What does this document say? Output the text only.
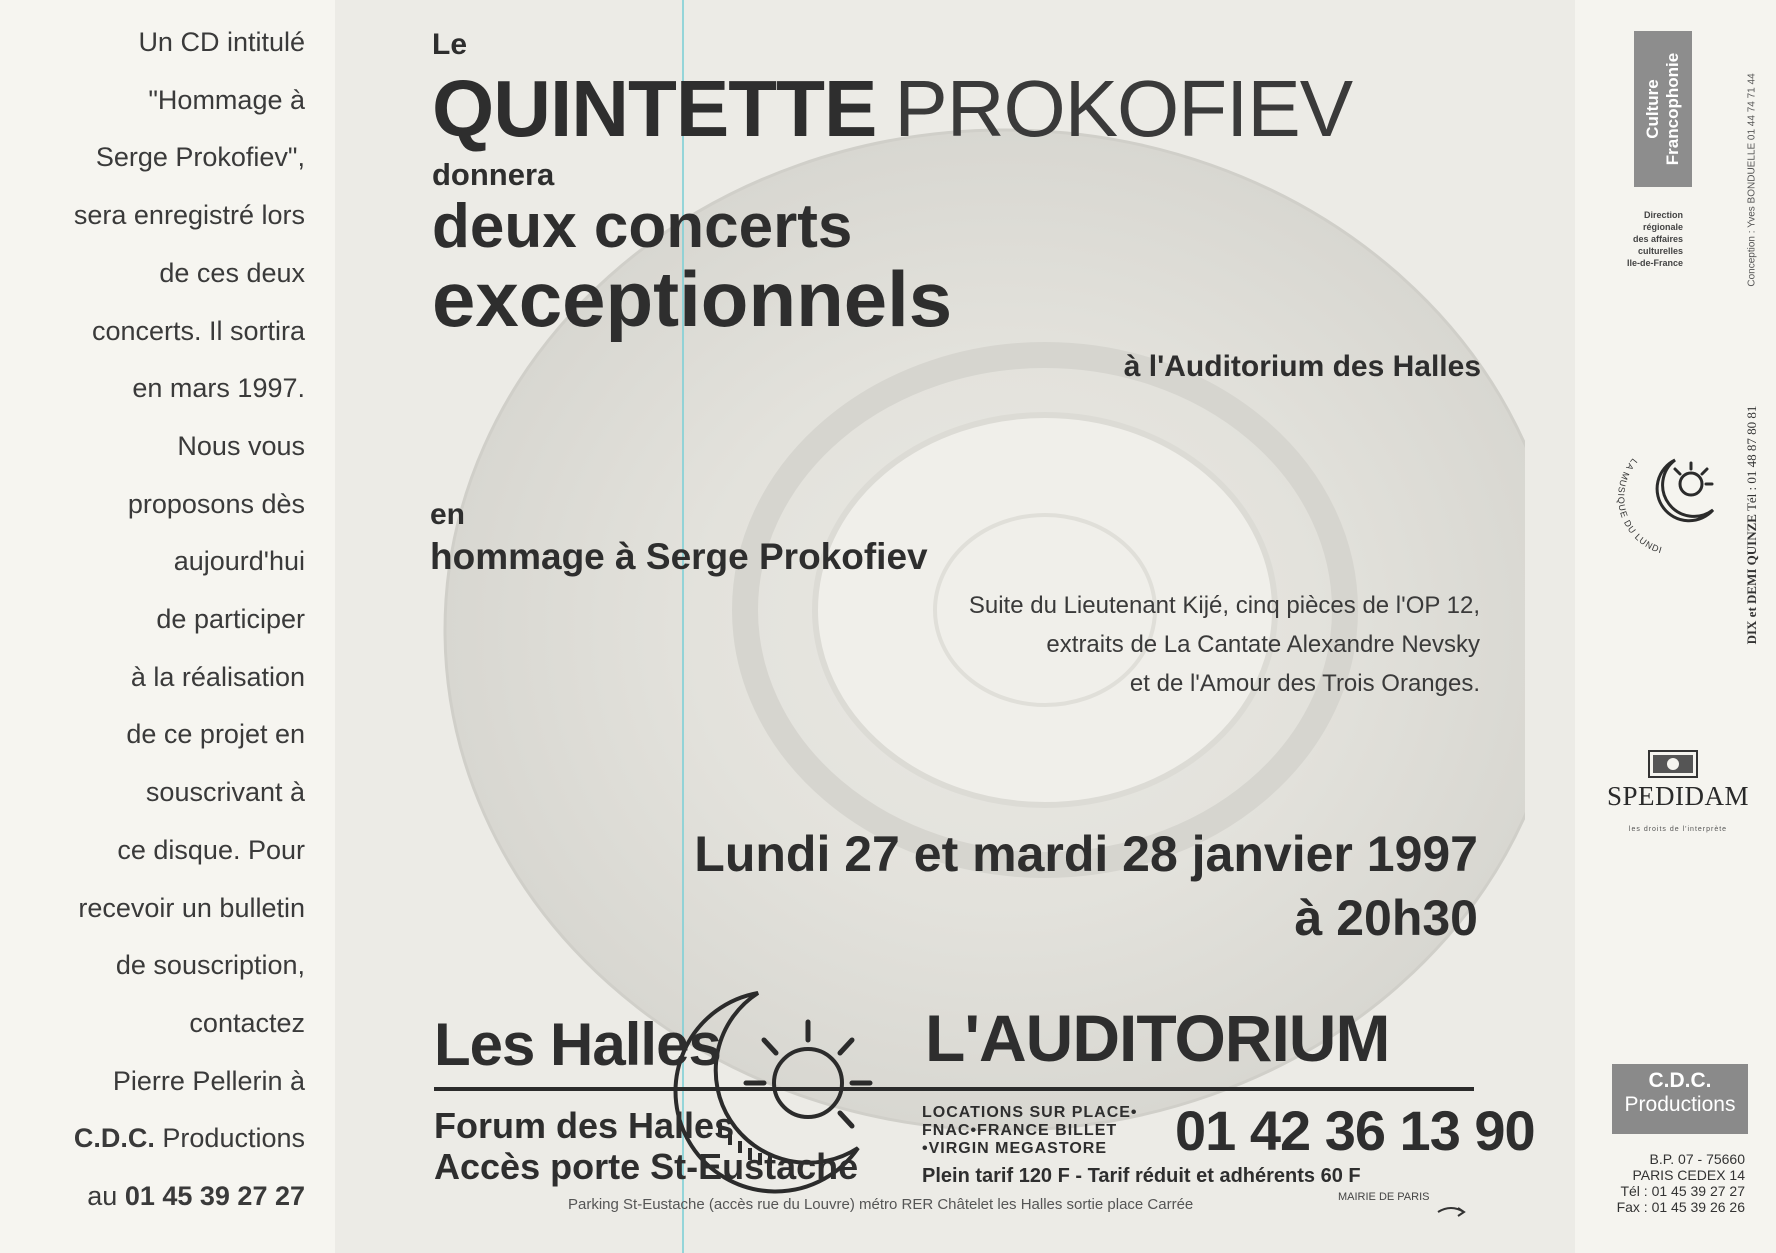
Un CD intitulé
"Hommage à
Serge Prokofiev",
sera enregistré lors
de ces deux
concerts. Il sortira
en mars 1997.
Nous vous
proposons dès
aujourd'hui
de participer
à la réalisation
de ce projet en
souscrivant à
ce disque. Pour
recevoir un bulletin
de souscription,
contactez
Pierre Pellerin à
C.D.C. Productions
au 01 45 39 27 27
Le
QUINTETTE PROKOFIEV
donnera
deux concerts
exceptionnels
à l'Auditorium des Halles
en
hommage à Serge Prokofiev
Suite du Lieutenant Kijé, cinq pièces de l'OP 12,
extraits de La Cantate Alexandre Nevsky
et de l'Amour des Trois Oranges.
Lundi 27 et mardi 28 janvier 1997
à 20h30
Les Halles	L'AUDITORIUM
Forum des Halles
Accès porte St-Eustache
LOCATIONS SUR PLACE•
FNAC•FRANCE BILLET
•VIRGIN MEGASTORE	01 42 36 13 90
Plein tarif 120 F - Tarif réduit et adhérents 60 F
Parking St-Eustache (accès rue du Louvre) métro RER Châtelet les Halles sortie place Carrée	MAIRIE DE PARIS
Culture Francophonie
Direction
régionale
des affaires
culturelles
Ile-de-France	Conception : Yves BONDUELLE 01 44 74 71 44
DIX et DEMI QUINZE Tél : 01 48 87 80 81
LA MUSIQUE DU LUNDI
SPEDIDAM
les droits de l'interprète
C.D.C.
Productions
B.P. 07 - 75660
PARIS CEDEX 14
Tél : 01 45 39 27 27
Fax : 01 45 39 26 26
